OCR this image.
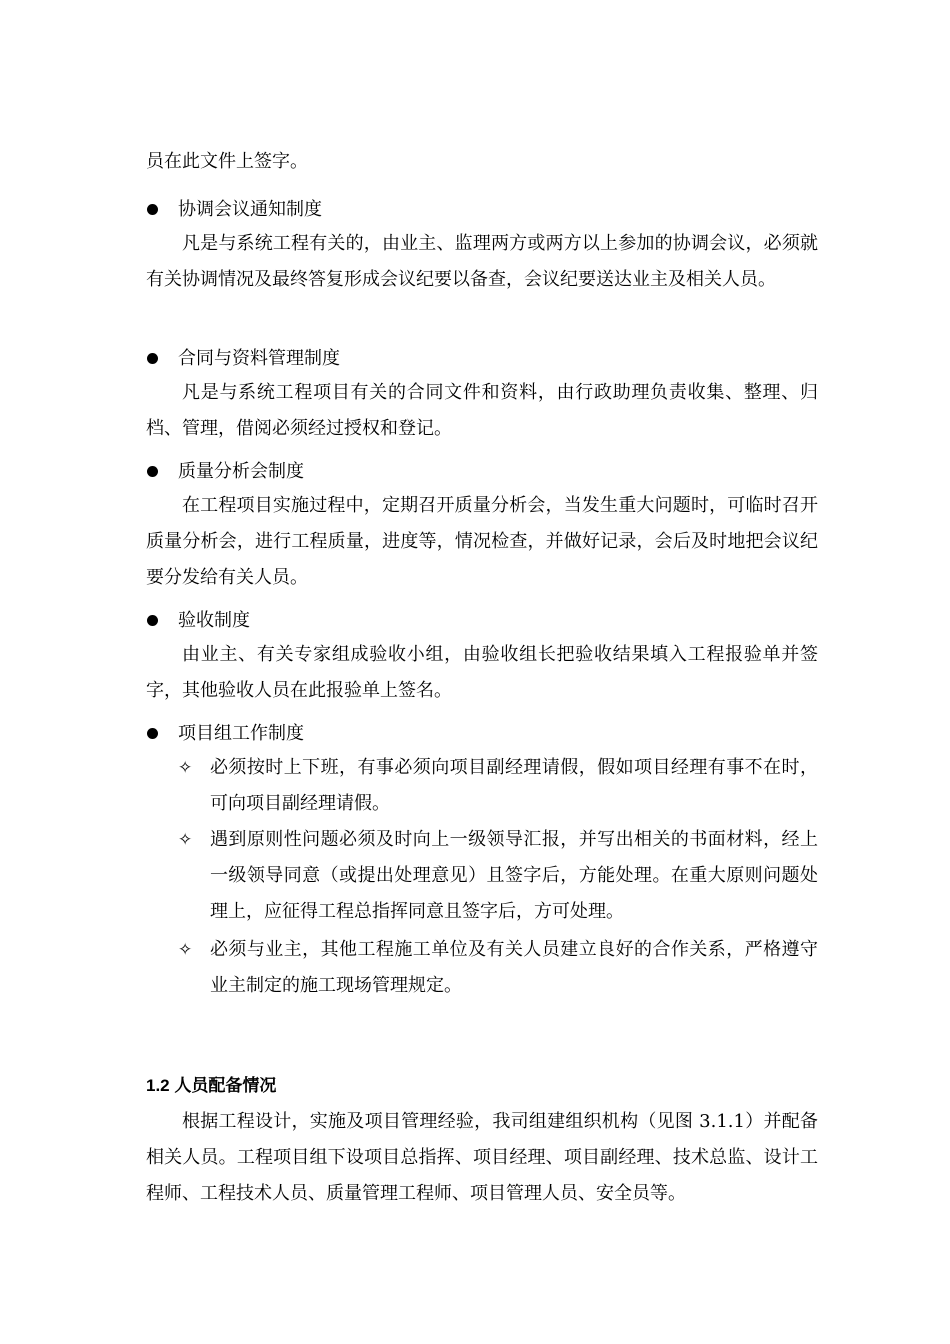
员在此文件上签字。
协调会议通知制度
凡是与系统工程有关的，由业主、监理两方或两方以上参加的协调会议，必须就有关协调情况及最终答复形成会议纪要以备查，会议纪要送达业主及相关人员。
合同与资料管理制度
凡是与系统工程项目有关的合同文件和资料，由行政助理负责收集、整理、归档、管理，借阅必须经过授权和登记。
质量分析会制度
在工程项目实施过程中，定期召开质量分析会，当发生重大问题时，可临时召开质量分析会，进行工程质量，进度等，情况检查，并做好记录，会后及时地把会议纪要分发给有关人员。
验收制度
由业主、有关专家组成验收小组，由验收组长把验收结果填入工程报验单并签字，其他验收人员在此报验单上签名。
项目组工作制度
✧ 必须按时上下班，有事必须向项目副经理请假，假如项目经理有事不在时，可向项目副经理请假。
✧ 遇到原则性问题必须及时向上一级领导汇报，并写出相关的书面材料，经上一级领导同意（或提出处理意见）且签字后，方能处理。在重大原则问题处理上，应征得工程总指挥同意且签字后，方可处理。
✧ 必须与业主，其他工程施工单位及有关人员建立良好的合作关系，严格遵守业主制定的施工现场管理规定。
1.2 人员配备情况
根据工程设计，实施及项目管理经验，我司组建组织机构（见图 3.1.1）并配备相关人员。工程项目组下设项目总指挥、项目经理、项目副经理、技术总监、设计工程师、工程技术人员、质量管理工程师、项目管理人员、安全员等。
